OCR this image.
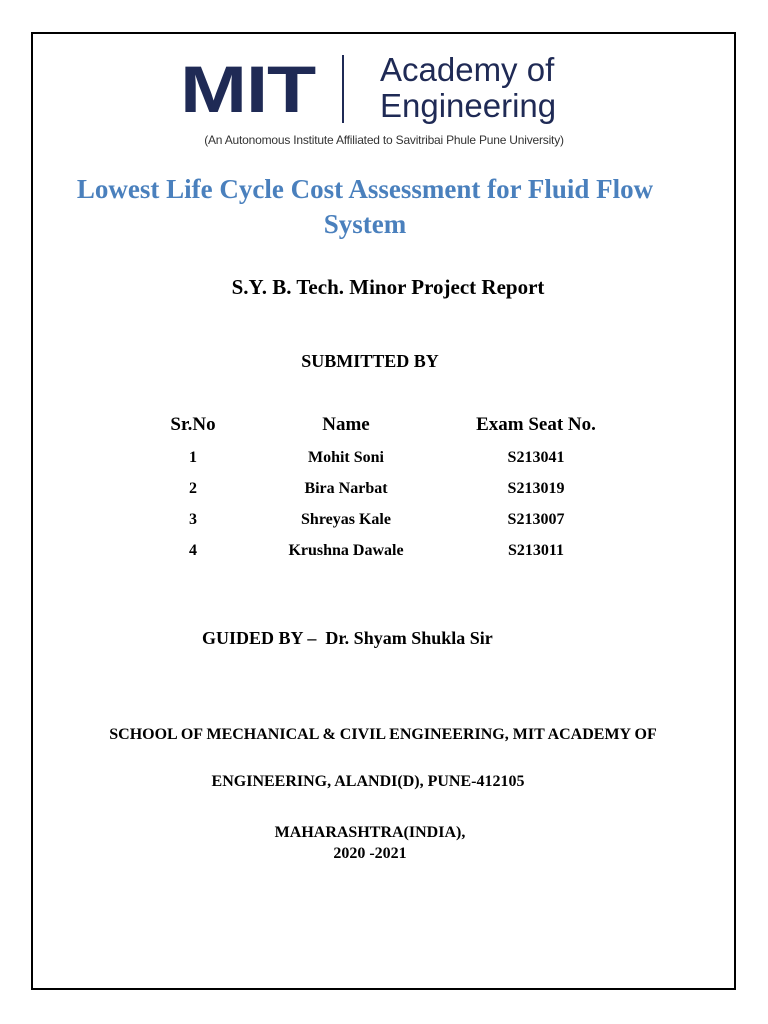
MIT Academy of
Engineering
(An Autonomous Institute Affiliated to Savitribai Phule Pune University)
Lowest Life Cycle Cost Assessment for Fluid Flow System
S.Y. B. Tech. Minor Project Report
SUBMITTED BY
Sr.No	Name	Exam Seat No.
1	Mohit Soni	S213041
2	Bira Narbat	S213019
3	Shreyas Kale	S213007
4	Krushna Dawale	S213011
GUIDED BY –  Dr. Shyam Shukla Sir
SCHOOL OF MECHANICAL & CIVIL ENGINEERING, MIT ACADEMY OF
ENGINEERING, ALANDI(D), PUNE-412105
MAHARASHTRA(INDIA),
2020 -2021
